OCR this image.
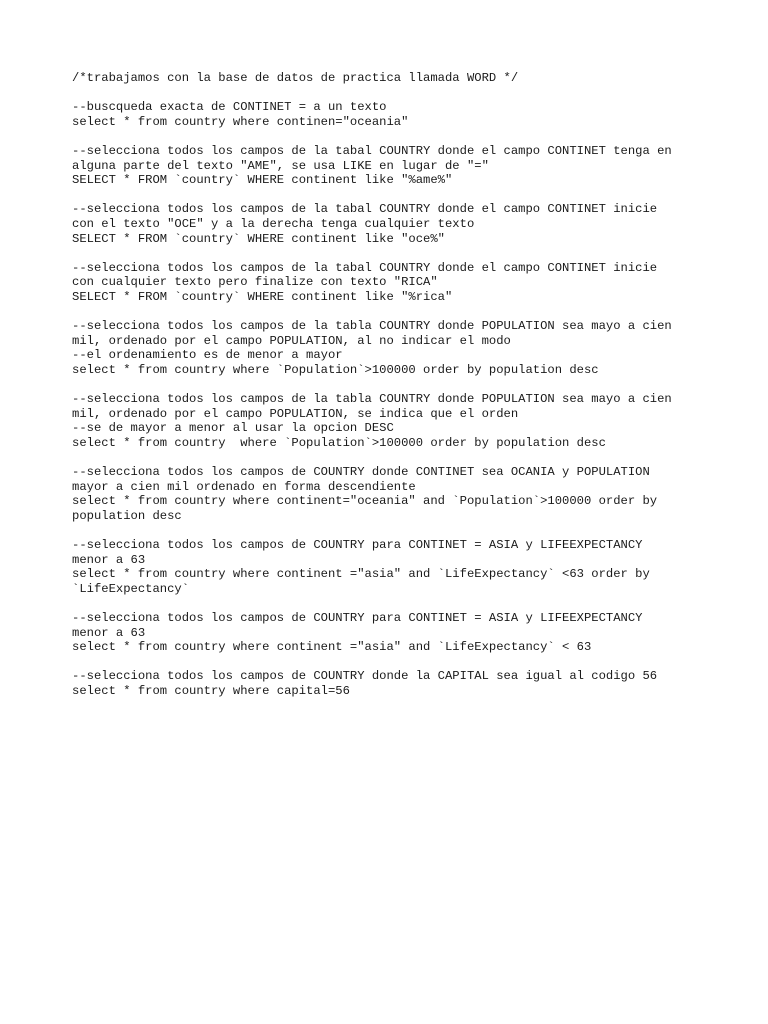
/*trabajamos con la base de datos de practica llamada WORD */
--buscqueda exacta de CONTINET = a un texto
select * from country where continen="oceania"
--selecciona todos los campos de la tabal COUNTRY donde el campo CONTINET tenga en
alguna parte del texto "AME", se usa LIKE en lugar de "="
SELECT * FROM `country` WHERE continent like "%ame%"
--selecciona todos los campos de la tabal COUNTRY donde el campo CONTINET inicie
con el texto "OCE" y a la derecha tenga cualquier texto
SELECT * FROM `country` WHERE continent like "oce%"
--selecciona todos los campos de la tabal COUNTRY donde el campo CONTINET inicie
con cualquier texto pero finalize con texto "RICA"
SELECT * FROM `country` WHERE continent like "%rica"
--selecciona todos los campos de la tabla COUNTRY donde POPULATION sea mayo a cien
mil, ordenado por el campo POPULATION, al no indicar el modo
--el ordenamiento es de menor a mayor
select * from country where `Population`>100000 order by population desc
--selecciona todos los campos de la tabla COUNTRY donde POPULATION sea mayo a cien
mil, ordenado por el campo POPULATION, se indica que el orden
--se de mayor a menor al usar la opcion DESC
select * from country  where `Population`>100000 order by population desc
--selecciona todos los campos de COUNTRY donde CONTINET sea OCANIA y POPULATION
mayor a cien mil ordenado en forma descendiente
select * from country where continent="oceania" and `Population`>100000 order by
population desc
--selecciona todos los campos de COUNTRY para CONTINET = ASIA y LIFEEXPECTANCY
menor a 63
select * from country where continent ="asia" and `LifeExpectancy` <63 order by
`LifeExpectancy`
--selecciona todos los campos de COUNTRY para CONTINET = ASIA y LIFEEXPECTANCY
menor a 63
select * from country where continent ="asia" and `LifeExpectancy` < 63
--selecciona todos los campos de COUNTRY donde la CAPITAL sea igual al codigo 56
select * from country where capital=56
